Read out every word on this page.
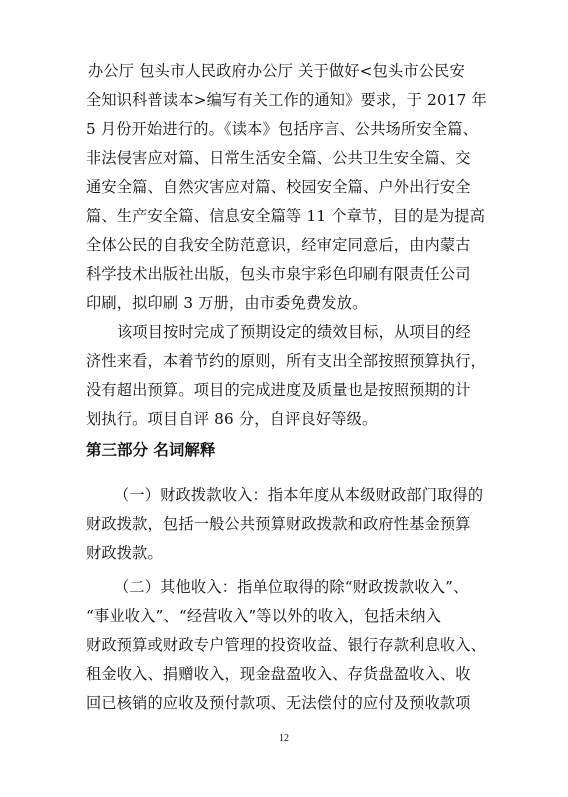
办公厅 包头市人民政府办公厅 关于做好<包头市公民安
全知识科普读本>编写有关工作的通知》要求，于 2017 年
5 月份开始进行的。《读本》包括序言、公共场所安全篇、
非法侵害应对篇、日常生活安全篇、公共卫生安全篇、交
通安全篇、自然灾害应对篇、校园安全篇、户外出行安全
篇、生产安全篇、信息安全篇等 11 个章节，目的是为提高
全体公民的自我安全防范意识，经审定同意后，由内蒙古
科学技术出版社出版，包头市泉宇彩色印刷有限责任公司
印刷，拟印刷 3 万册，由市委免费发放。
该项目按时完成了预期设定的绩效目标，从项目的经
济性来看，本着节约的原则，所有支出全部按照预算执行，
没有超出预算。项目的完成进度及质量也是按照预期的计
划执行。项目自评 86 分，自评良好等级。
第三部分 名词解释
（一）财政拨款收入：指本年度从本级财政部门取得的
财政拨款，包括一般公共预算财政拨款和政府性基金预算
财政拨款。
（二）其他收入：指单位取得的除“财政拨款收入”、
“事业收入”、“经营收入”等以外的收入，包括未纳入
财政预算或财政专户管理的投资收益、银行存款利息收入、
租金收入、捐赠收入，现金盘盈收入、存货盘盈收入、收
回已核销的应收及预付款项、无法偿付的应付及预收款项
12
